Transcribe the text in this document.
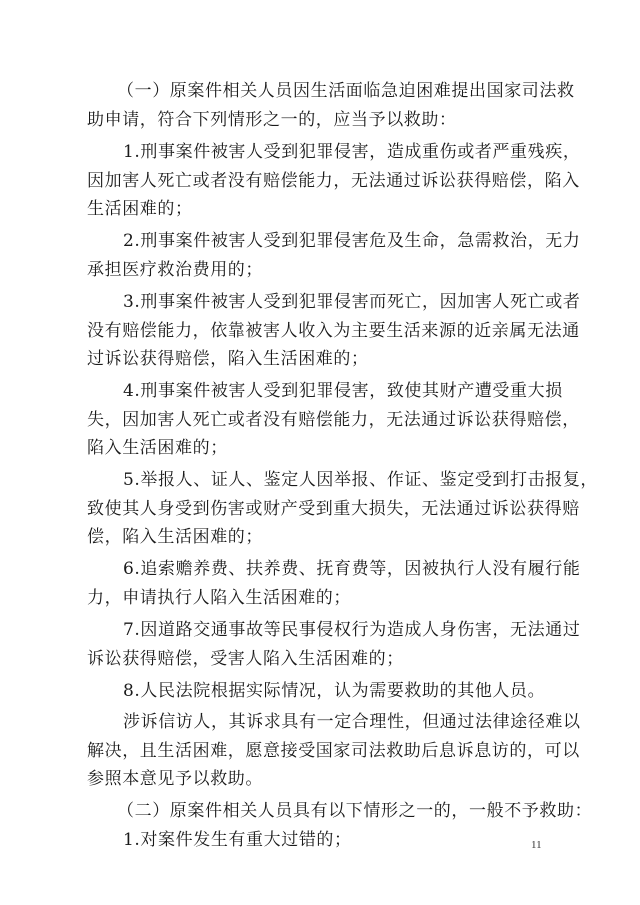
（一）原案件相关人员因生活面临急迫困难提出国家司法救
助申请，符合下列情形之一的，应当予以救助：
1.刑事案件被害人受到犯罪侵害，造成重伤或者严重残疾，
因加害人死亡或者没有赔偿能力，无法通过诉讼获得赔偿，陷入
生活困难的；
2.刑事案件被害人受到犯罪侵害危及生命，急需救治，无力
承担医疗救治费用的；
3.刑事案件被害人受到犯罪侵害而死亡，因加害人死亡或者
没有赔偿能力，依靠被害人收入为主要生活来源的近亲属无法通
过诉讼获得赔偿，陷入生活困难的；
4.刑事案件被害人受到犯罪侵害，致使其财产遭受重大损
失，因加害人死亡或者没有赔偿能力，无法通过诉讼获得赔偿，
陷入生活困难的；
5.举报人、证人、鉴定人因举报、作证、鉴定受到打击报复，
致使其人身受到伤害或财产受到重大损失，无法通过诉讼获得赔
偿，陷入生活困难的；
6.追索赡养费、扶养费、抚育费等，因被执行人没有履行能
力，申请执行人陷入生活困难的；
7.因道路交通事故等民事侵权行为造成人身伤害，无法通过
诉讼获得赔偿，受害人陷入生活困难的；
8.人民法院根据实际情况，认为需要救助的其他人员。
涉诉信访人，其诉求具有一定合理性，但通过法律途径难以
解决，且生活困难，愿意接受国家司法救助后息诉息访的，可以
参照本意见予以救助。
（二）原案件相关人员具有以下情形之一的，一般不予救助：
1.对案件发生有重大过错的；	11
